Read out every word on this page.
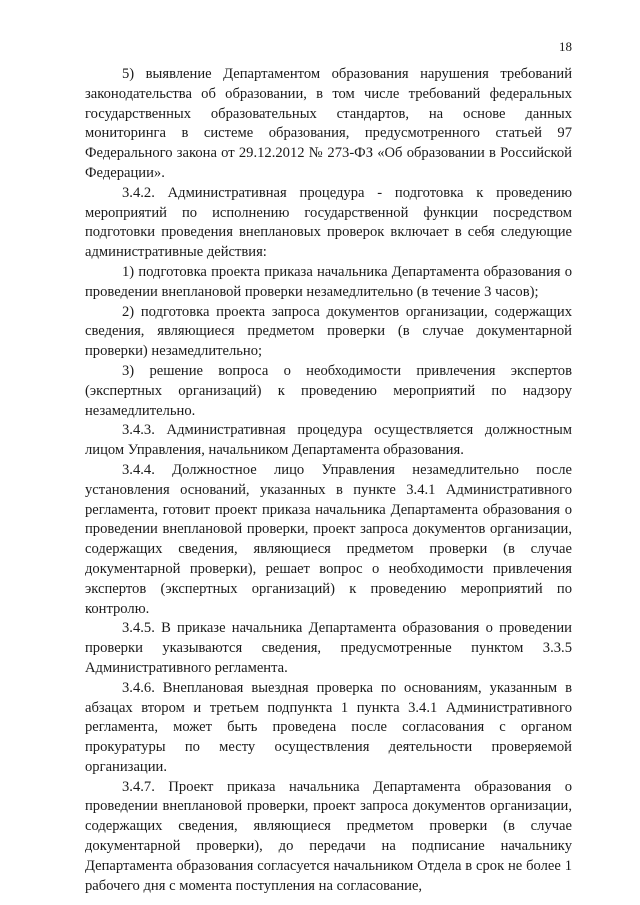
18

5) выявление Департаментом образования нарушения требований законодательства об образовании, в том числе требований федеральных государственных образовательных стандартов, на основе данных мониторинга в системе образования, предусмотренного статьей 97 Федерального закона от 29.12.2012 № 273-ФЗ «Об образовании в Российской Федерации».

3.4.2. Административная процедура - подготовка к проведению мероприятий по исполнению государственной функции посредством подготовки проведения внеплановых проверок включает в себя следующие административные действия:

1) подготовка проекта приказа начальника Департамента образования о проведении внеплановой проверки незамедлительно (в течение 3 часов);

2) подготовка проекта запроса документов организации, содержащих сведения, являющиеся предметом проверки (в случае документарной проверки) незамедлительно;

3) решение вопроса о необходимости привлечения экспертов (экспертных организаций) к проведению мероприятий по надзору незамедлительно.

3.4.3. Административная процедура осуществляется должностным лицом Управления, начальником Департамента образования.

3.4.4. Должностное лицо Управления незамедлительно после установления оснований, указанных в пункте 3.4.1 Административного регламента, готовит проект приказа начальника Департамента образования о проведении внеплановой проверки, проект запроса документов организации, содержащих сведения, являющиеся предметом проверки (в случае документарной проверки), решает вопрос о необходимости привлечения экспертов (экспертных организаций) к проведению мероприятий по контролю.

3.4.5. В приказе начальника Департамента образования о проведении проверки указываются сведения, предусмотренные пунктом 3.3.5 Административного регламента.

3.4.6. Внеплановая выездная проверка по основаниям, указанным в абзацах втором и третьем подпункта 1 пункта 3.4.1 Административного регламента, может быть проведена после согласования с органом прокуратуры по месту осуществления деятельности проверяемой организации.

3.4.7. Проект приказа начальника Департамента образования о проведении внеплановой проверки, проект запроса документов организации, содержащих сведения, являющиеся предметом проверки (в случае документарной проверки), до передачи на подписание начальнику Департамента образования согласуется начальником Отдела в срок не более 1 рабочего дня с момента поступления на согласование,
